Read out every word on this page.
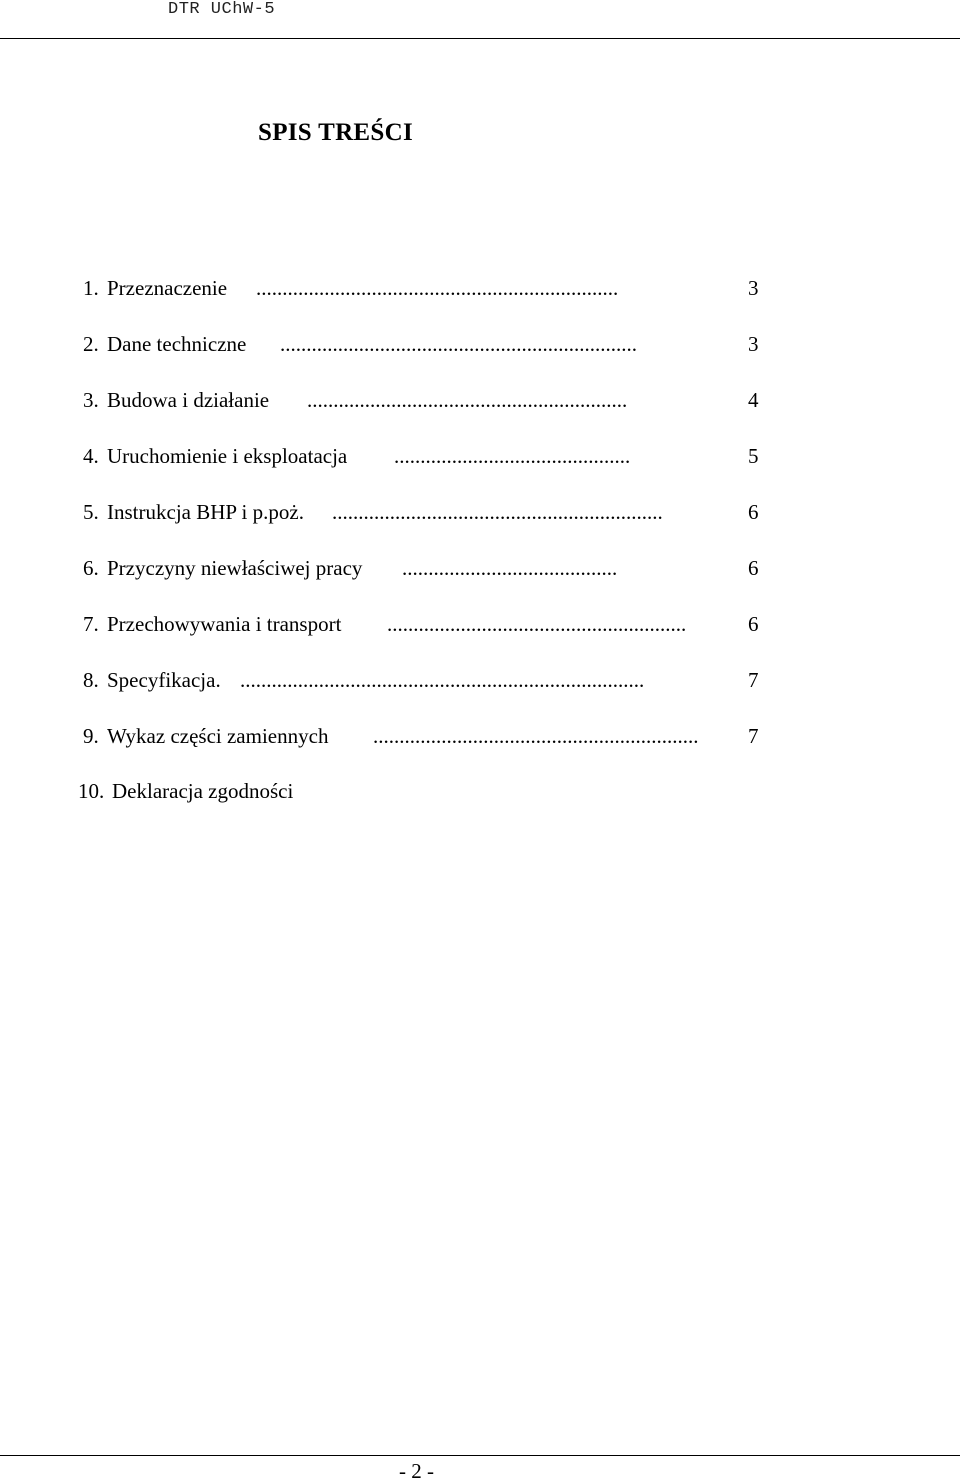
DTR UChW-5
SPIS TREŚCI
1. Przeznaczenie .....................................................................	3
2. Dane techniczne ....................................................................	3
3. Budowa i działanie .............................................................	4
4. Uruchomienie i eksploatacja .............................................	5
5. Instrukcja BHP i p.poż. ...............................................................	6
6. Przyczyny niewłaściwej pracy .........................................	6
7. Przechowywania i transport .........................................................	6
8. Specyfikacja. .............................................................................	7
9. Wykaz części zamiennych ..............................................................	7
10. Deklaracja zgodności
- 2 -
